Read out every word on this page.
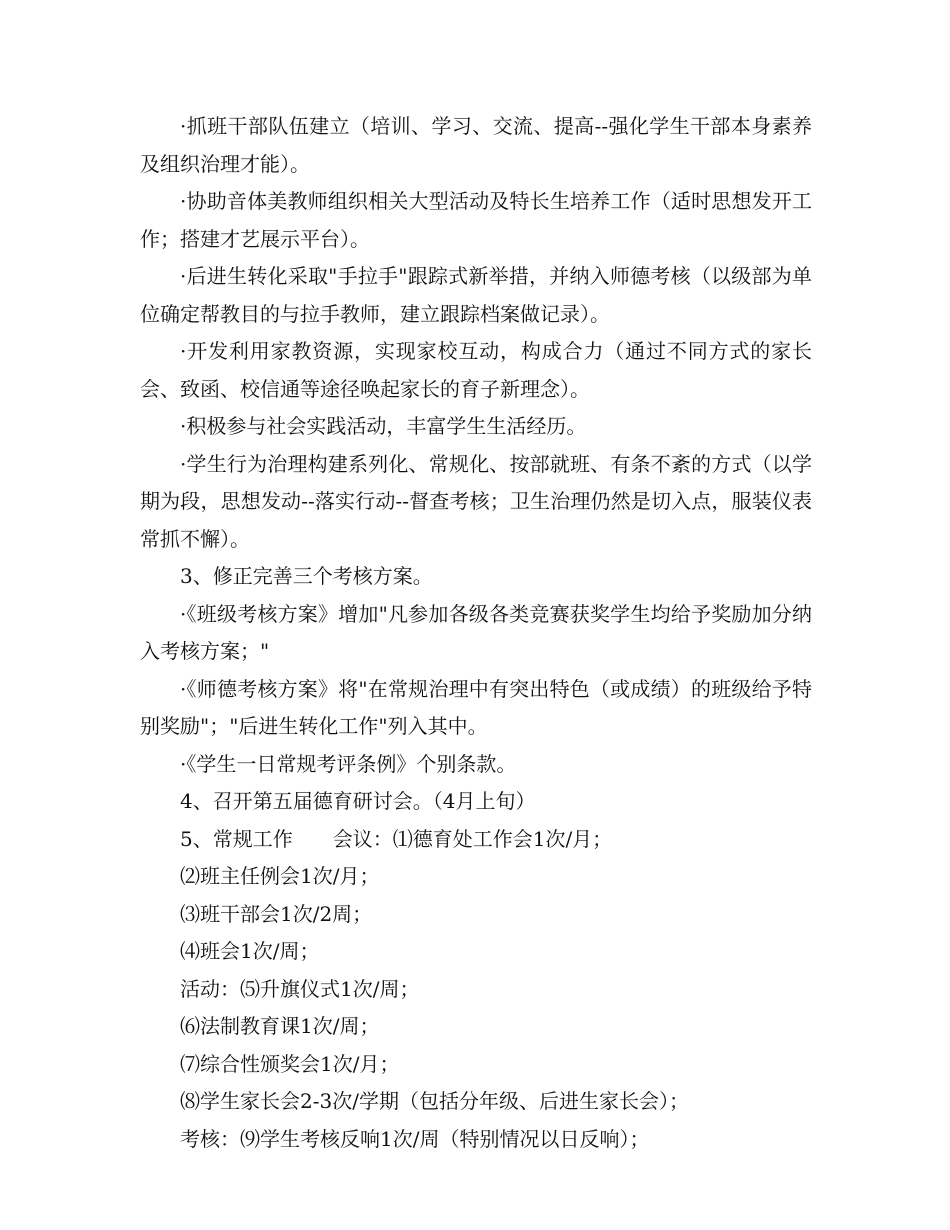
·抓班干部队伍建立（培训、学习、交流、提高--强化学生干部本身素养及组织治理才能）。

·协助音体美教师组织相关大型活动及特长生培养工作（适时思想发开工作；搭建才艺展示平台）。

·后进生转化采取"手拉手"跟踪式新举措，并纳入师德考核（以级部为单位确定帮教目的与拉手教师，建立跟踪档案做记录）。

·开发利用家教资源，实现家校互动，构成合力（通过不同方式的家长会、致函、校信通等途径唤起家长的育子新理念）。

·积极参与社会实践活动，丰富学生生活经历。

·学生行为治理构建系列化、常规化、按部就班、有条不紊的方式（以学期为段，思想发动--落实行动--督查考核；卫生治理仍然是切入点，服装仪表常抓不懈）。

3、修正完善三个考核方案。

·《班级考核方案》增加"凡参加各级各类竞赛获奖学生均给予奖励加分纳入考核方案；"

·《师德考核方案》将"在常规治理中有突出特色（或成绩）的班级给予特别奖励"；"后进生转化工作"列入其中。

·《学生一日常规考评条例》个别条款。

4、召开第五届德育研讨会。（4月上旬）

5、常规工作　　会议：⑴德育处工作会1次/月；

⑵班主任例会1次/月；

⑶班干部会1次/2周；

⑷班会1次/周；

活动：⑸升旗仪式1次/周；

⑹法制教育课1次/周；

⑺综合性颁奖会1次/月；

⑻学生家长会2-3次/学期（包括分年级、后进生家长会）；

考核：⑼学生考核反响1次/周（特别情况以日反响）；
